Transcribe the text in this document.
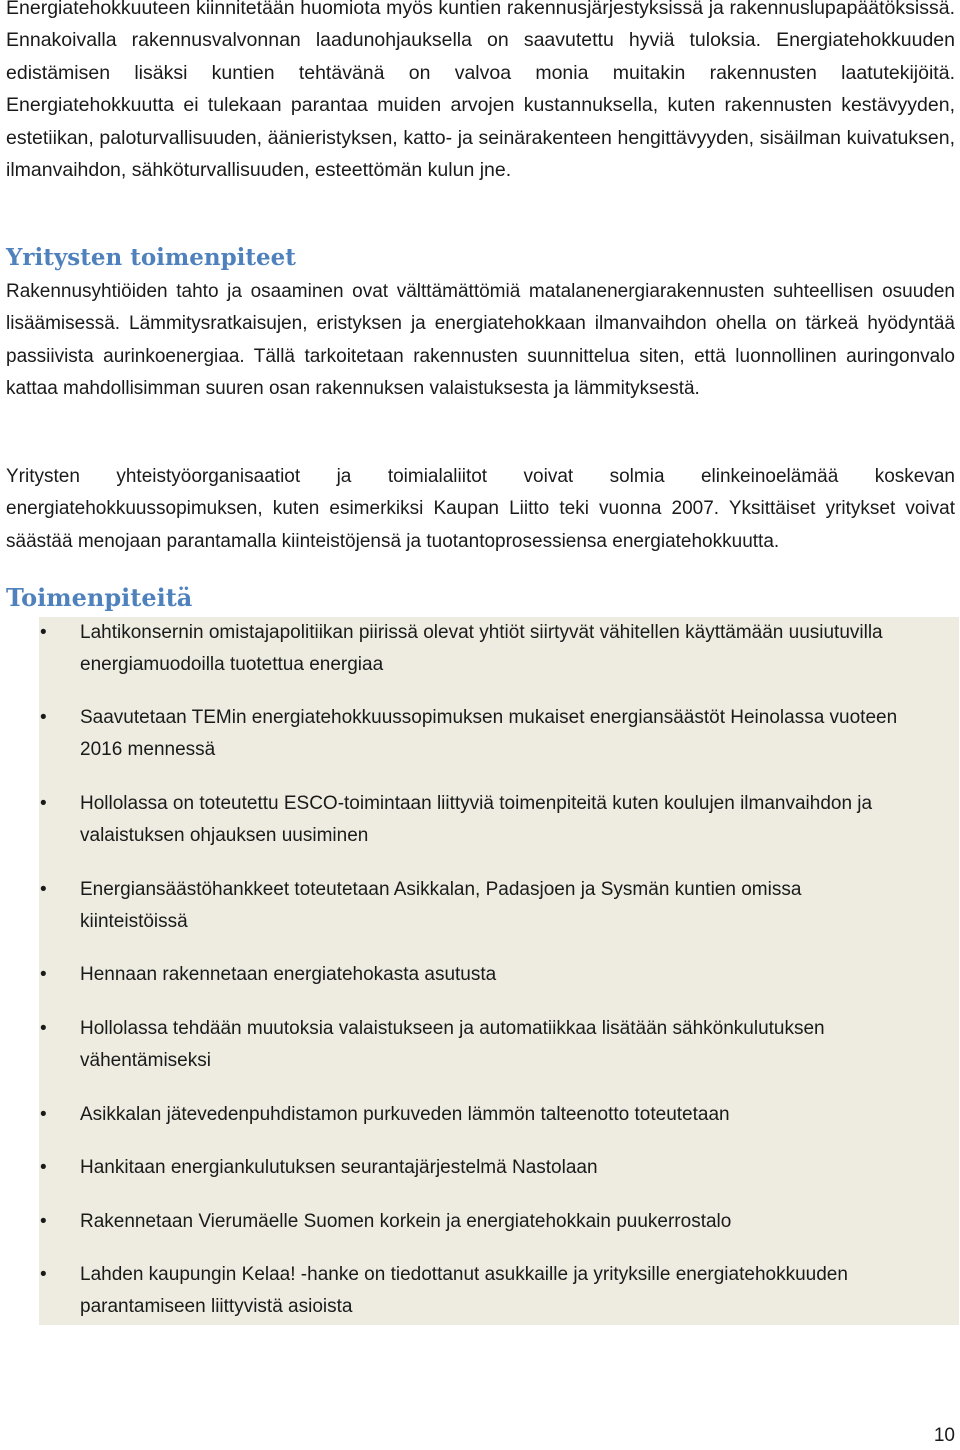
Energiatehokkuuteen kiinnitetään huomiota myös kuntien rakennusjärjestyksissä ja rakennuslupapäätöksissä. Ennakoivalla rakennusvalvonnan laadunohjauksella on saavutettu hyviä tuloksia. Energiatehokkuuden edistämisen lisäksi kuntien tehtävänä on valvoa monia muitakin rakennusten laatutekijöitä. Energiatehokkuutta ei tulekaan parantaa muiden arvojen kustannuksella, kuten rakennusten kestävyyden, estetiikan, paloturvallisuuden, äänieristyksen, katto- ja seinärakenteen hengittävyyden, sisäilman kuivatuksen, ilmanvaihdon, sähköturvallisuuden, esteettömän kulun jne.

Yritysten toimenpiteet

Rakennusyhtiöiden tahto ja osaaminen ovat välttämättömiä matalanenergiarakennusten suhteellisen osuuden lisäämisessä. Lämmitysratkaisujen, eristyksen ja energiatehokkaan ilmanvaihdon ohella on tärkeä hyödyntää passiivista aurinkoenergiaa. Tällä tarkoitetaan rakennusten suunnittelua siten, että luonnollinen auringonvalo kattaa mahdollisimman suuren osan rakennuksen valaistuksesta ja lämmityksestä.

Yritysten yhteistyöorganisaatiot ja toimialaliitot voivat solmia elinkeinoelämää koskevan energiatehokkuussopimuksen, kuten esimerkiksi Kaupan Liitto teki vuonna 2007. Yksittäiset yritykset voivat säästää menojaan parantamalla kiinteistöjensä ja tuotantoprosessiensa energiatehokkuutta.

Toimenpiteitä
• Lahtikonsernin omistajapolitiikan piirissä olevat yhtiöt siirtyvät vähitellen käyttämään uusiutuvilla energiamuodoilla tuotettua energiaa
• Saavutetaan TEMin energiatehokkuussopimuksen mukaiset energiansäästöt Heinolassa vuoteen 2016 mennessä
• Hollolassa on toteutettu ESCO-toimintaan liittyviä toimenpiteitä kuten koulujen ilmanvaihdon ja valaistuksen ohjauksen uusiminen
• Energiansäästöhankkeet toteutetaan Asikkalan, Padasjoen ja Sysmän kuntien omissa kiinteistöissä
• Hennaan rakennetaan energiatehokasta asutusta
• Hollolassa tehdään muutoksia valaistukseen ja automatiikkaa lisätään sähkönkulutuksen vähentämiseksi
• Asikkalan jätevedenpuhdistamon purkuveden lämmön talteenotto toteutetaan
• Hankitaan energiankulutuksen seurantajärjestelmä Nastolaan
• Rakennetaan Vierumäelle Suomen korkein ja energiatehokkain puukerrostalo
• Lahden kaupungin Kelaa! -hanke on tiedottanut asukkaille ja yrityksille energiatehokkuuden parantamiseen liittyvistä asioista
10
